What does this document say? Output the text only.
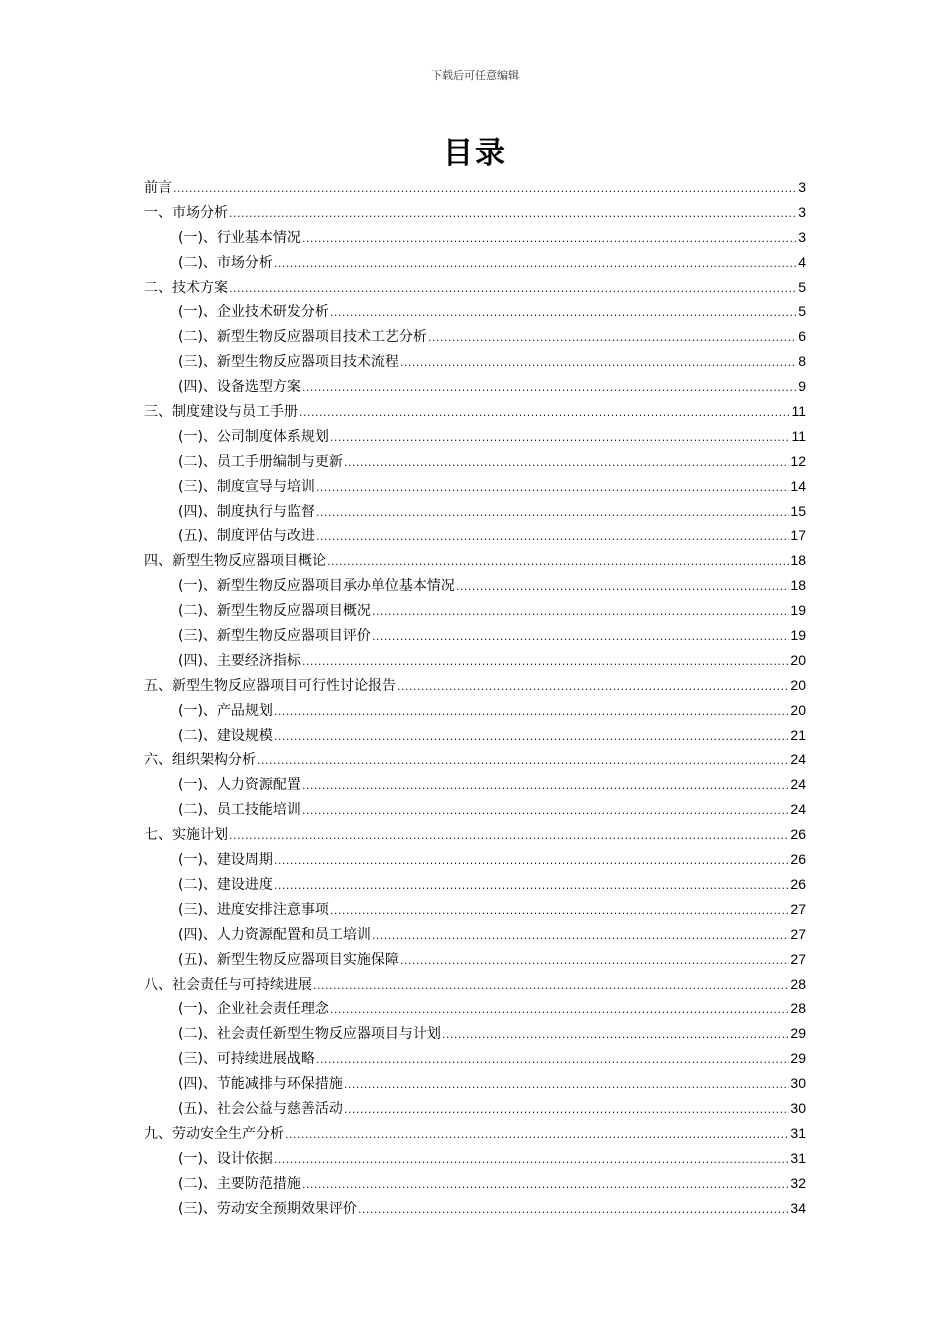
下载后可任意编辑
目录
前言 .....	3
一、市场分析 .....	3
(一)、行业基本情况 .....	3
(二)、市场分析 .....	4
二、技术方案 .....	5
(一)、企业技术研发分析 .....	5
(二)、新型生物反应器项目技术工艺分析 .....	6
(三)、新型生物反应器项目技术流程 .....	8
(四)、设备选型方案 .....	9
三、制度建设与员工手册 .....	11
(一)、公司制度体系规划 .....	11
(二)、员工手册编制与更新 .....	12
(三)、制度宣导与培训 .....	14
(四)、制度执行与监督 .....	15
(五)、制度评估与改进 .....	17
四、新型生物反应器项目概论 .....	18
(一)、新型生物反应器项目承办单位基本情况 .....	18
(二)、新型生物反应器项目概况 .....	19
(三)、新型生物反应器项目评价 .....	19
(四)、主要经济指标 .....	20
五、新型生物反应器项目可行性讨论报告 .....	20
(一)、产品规划 .....	20
(二)、建设规模 .....	21
六、组织架构分析 .....	24
(一)、人力资源配置 .....	24
(二)、员工技能培训 .....	24
七、实施计划 .....	26
(一)、建设周期 .....	26
(二)、建设进度 .....	26
(三)、进度安排注意事项 .....	27
(四)、人力资源配置和员工培训 .....	27
(五)、新型生物反应器项目实施保障 .....	27
八、社会责任与可持续进展 .....	28
(一)、企业社会责任理念 .....	28
(二)、社会责任新型生物反应器项目与计划 .....	29
(三)、可持续进展战略 .....	29
(四)、节能减排与环保措施 .....	30
(五)、社会公益与慈善活动 .....	30
九、劳动安全生产分析 .....	31
(一)、设计依据 .....	31
(二)、主要防范措施 .....	32
(三)、劳动安全预期效果评价 .....	34
